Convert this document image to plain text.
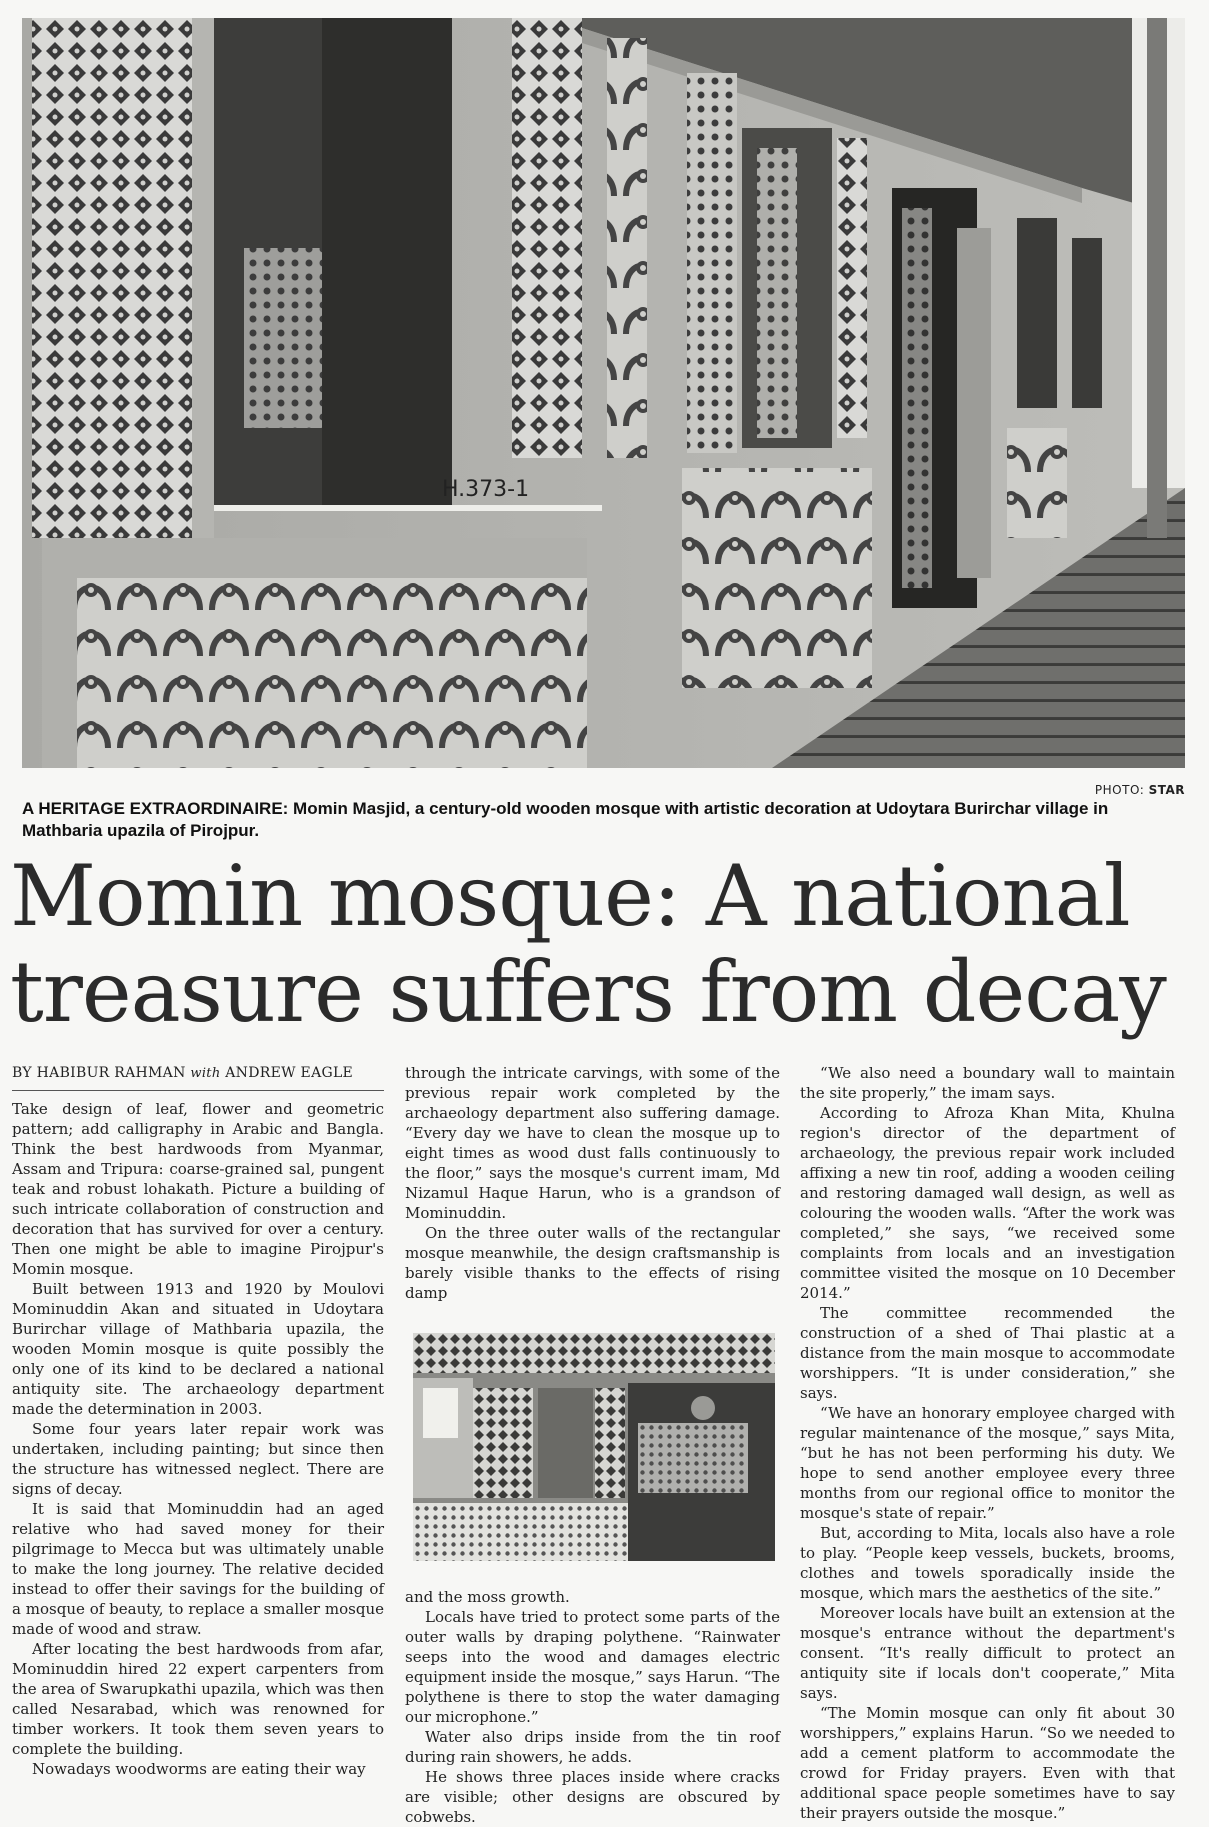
H.373-1
PHOTO: STAR
A HERITAGE EXTRAORDINAIRE: Momin Masjid, a century-old wooden mosque with artistic decoration at Udoytara Burirchar village in Mathbaria upazila of Pirojpur.
Momin mosque: A national treasure suffers from decay
BY HABIBUR RAHMAN with ANDREW EAGLE

Take design of leaf, flower and geometric pattern; add calligraphy in Arabic and Bangla. Think the best hardwoods from Myanmar, Assam and Tripura: coarse-grained sal, pungent teak and robust lohakath. Picture a building of such intricate collaboration of construction and decoration that has survived for over a century. Then one might be able to imagine Pirojpur's Momin mosque.

Built between 1913 and 1920 by Moulovi Mominuddin Akan and situated in Udoytara Burirchar village of Mathbaria upazila, the wooden Momin mosque is quite possibly the only one of its kind to be declared a national antiquity site. The archaeology department made the determination in 2003.

Some four years later repair work was undertaken, including painting; but since then the structure has witnessed neglect. There are signs of decay.

It is said that Mominuddin had an aged relative who had saved money for their pilgrimage to Mecca but was ultimately unable to make the long journey. The relative decided instead to offer their savings for the building of a mosque of beauty, to replace a smaller mosque made of wood and straw.

After locating the best hardwoods from afar, Mominuddin hired 22 expert carpenters from the area of Swarupkathi upazila, which was then called Nesarabad, which was renowned for timber workers. It took them seven years to complete the building.

Nowadays woodworms are eating their way

through the intricate carvings, with some of the previous repair work completed by the archaeology department also suffering damage. “Every day we have to clean the mosque up to eight times as wood dust falls continuously to the floor,” says the mosque's current imam, Md Nizamul Haque Harun, who is a grandson of Mominuddin.

On the three outer walls of the rectangular mosque meanwhile, the design craftsmanship is barely visible thanks to the effects of rising damp

and the moss growth.

Locals have tried to protect some parts of the outer walls by draping polythene. “Rainwater seeps into the wood and damages electric equipment inside the mosque,” says Harun. “The polythene is there to stop the water damaging our microphone.”

Water also drips inside from the tin roof during rain showers, he adds.

He shows three places inside where cracks are visible; other designs are obscured by cobwebs.

“We also need a boundary wall to maintain the site properly,” the imam says.

According to Afroza Khan Mita, Khulna region's director of the department of archaeology, the previous repair work included affixing a new tin roof, adding a wooden ceiling and restoring damaged wall design, as well as colouring the wooden walls. “After the work was completed,” she says, “we received some complaints from locals and an investigation committee visited the mosque on 10 December 2014.”

The committee recommended the construction of a shed of Thai plastic at a distance from the main mosque to accommodate worshippers. “It is under consideration,” she says.

“We have an honorary employee charged with regular maintenance of the mosque,” says Mita, “but he has not been performing his duty. We hope to send another employee every three months from our regional office to monitor the mosque's state of repair.”

But, according to Mita, locals also have a role to play. “People keep vessels, buckets, brooms, clothes and towels sporadically inside the mosque, which mars the aesthetics of the site.”

Moreover locals have built an extension at the mosque's entrance without the department's consent. “It's really difficult to protect an antiquity site if locals don't cooperate,” Mita says.

“The Momin mosque can only fit about 30 worshippers,” explains Harun. “So we needed to add a cement platform to accommodate the crowd for Friday prayers. Even with that additional space people sometimes have to say their prayers outside the mosque.”
